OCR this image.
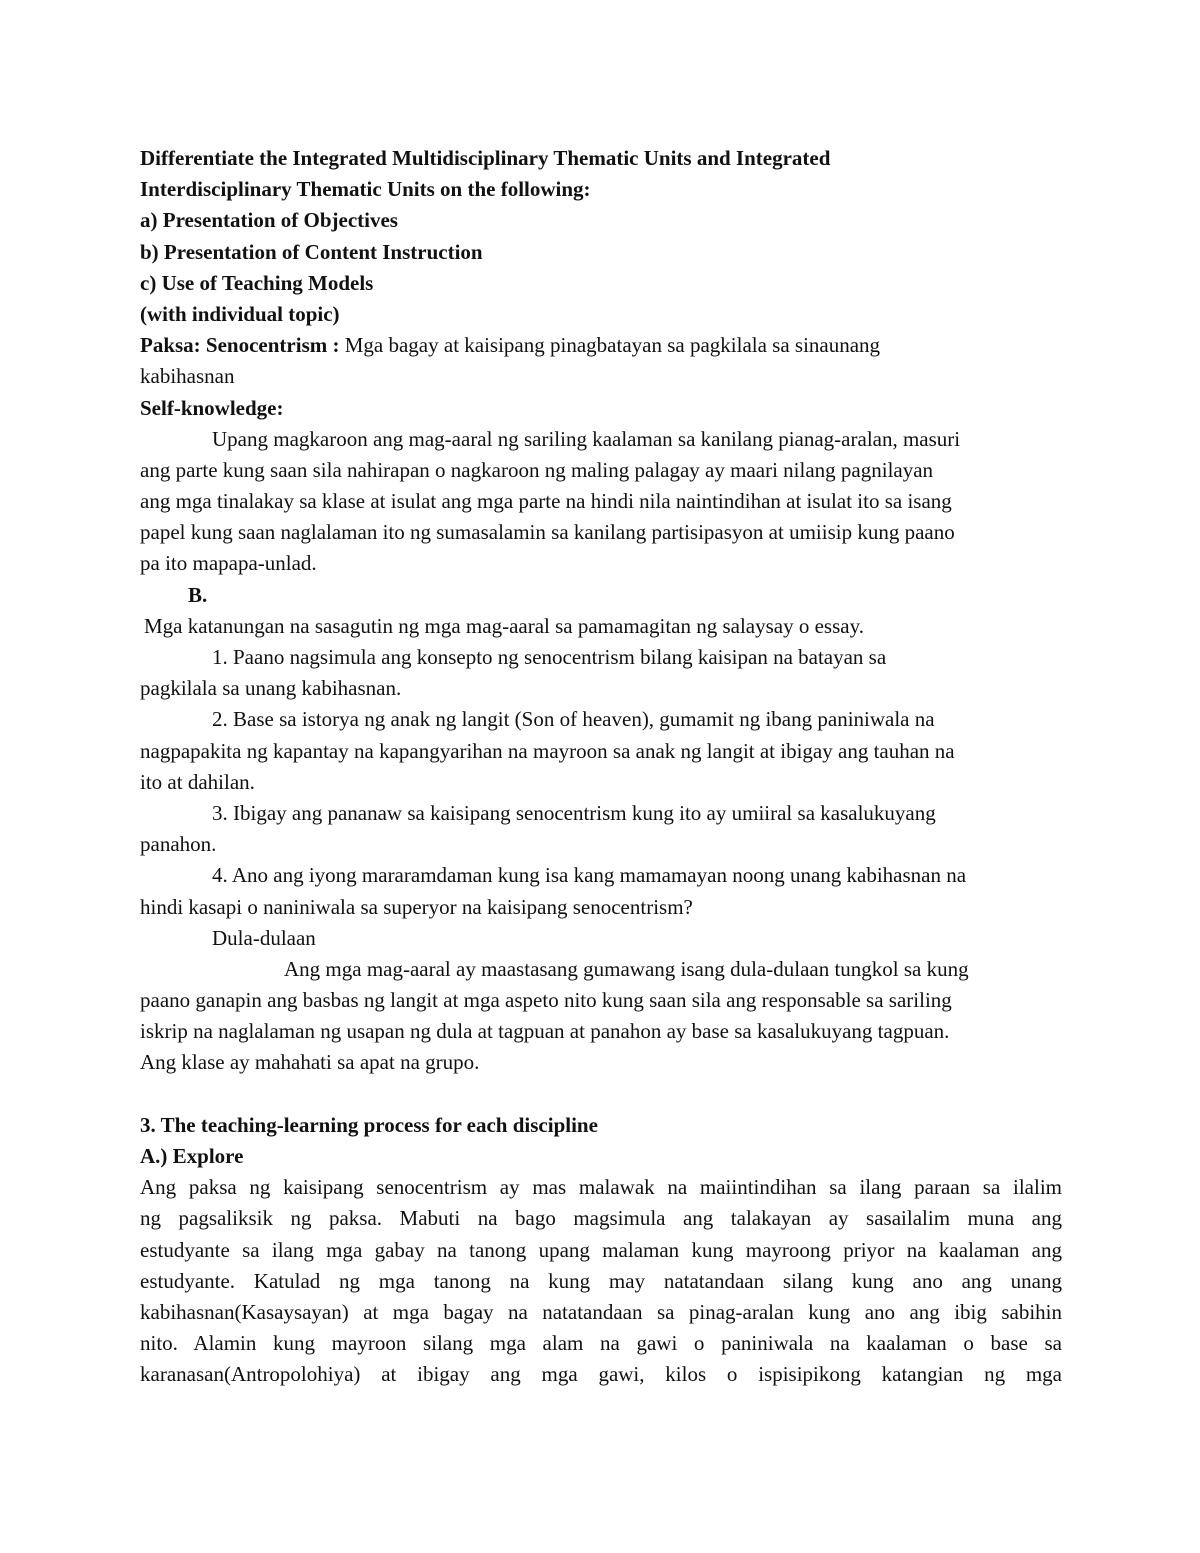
Differentiate the Integrated Multidisciplinary Thematic Units and Integrated
Interdisciplinary Thematic Units on the following:
a) Presentation of Objectives
b) Presentation of Content Instruction
c) Use of Teaching Models
(with individual topic)
Paksa: Senocentrism : Mga bagay at kaisipang pinagbatayan sa pagkilala sa sinaunang
kabihasnan
Self-knowledge:
Upang magkaroon ang mag-aaral ng sariling kaalaman sa kanilang pianag-aralan, masuri
ang parte kung saan sila nahirapan o nagkaroon ng maling palagay ay maari nilang pagnilayan
ang mga tinalakay sa klase at isulat ang mga parte na hindi nila naintindihan at isulat ito sa isang
papel kung saan naglalaman ito ng sumasalamin sa kanilang partisipasyon at umiisip kung paano
pa ito mapapa-unlad.
B.
Mga katanungan na sasagutin ng mga mag-aaral sa pamamagitan ng salaysay o essay.
1. Paano nagsimula ang konsepto ng senocentrism bilang kaisipan na batayan sa
pagkilala sa unang kabihasnan.
2. Base sa istorya ng anak ng langit (Son of heaven), gumamit ng ibang paniniwala na
nagpapakita ng kapantay na kapangyarihan na mayroon sa anak ng langit at ibigay ang tauhan na
ito at dahilan.
3. Ibigay ang pananaw sa kaisipang senocentrism kung ito ay umiiral sa kasalukuyang
panahon.
4. Ano ang iyong mararamdaman kung isa kang mamamayan noong unang kabihasnan na
hindi kasapi o naniniwala sa superyor na kaisipang senocentrism?
Dula-dulaan
Ang mga mag-aaral ay maastasang gumawang isang dula-dulaan tungkol sa kung
paano ganapin ang basbas ng langit at mga aspeto nito kung saan sila ang responsable sa sariling
iskrip na naglalaman ng usapan ng dula at tagpuan at panahon ay base sa kasalukuyang tagpuan.
Ang klase ay mahahati sa apat na grupo.
3. The teaching-learning process for each discipline
A.) Explore
Ang paksa ng kaisipang senocentrism ay mas malawak na maiintindihan sa ilang paraan sa ilalim
ng pagsaliksik ng paksa. Mabuti na bago magsimula ang talakayan ay sasailalim muna ang
estudyante sa ilang mga gabay na tanong upang malaman kung mayroong priyor na kaalaman ang
estudyante. Katulad ng mga tanong na kung may natatandaan silang kung ano ang unang
kabihasnan(Kasaysayan) at mga bagay na natatandaan sa pinag-aralan kung ano ang ibig sabihin
nito. Alamin kung mayroon silang mga alam na gawi o paniniwala na kaalaman o base sa
karanasan(Antropolohiya) at ibigay ang mga gawi, kilos o ispisipikong katangian ng mga
